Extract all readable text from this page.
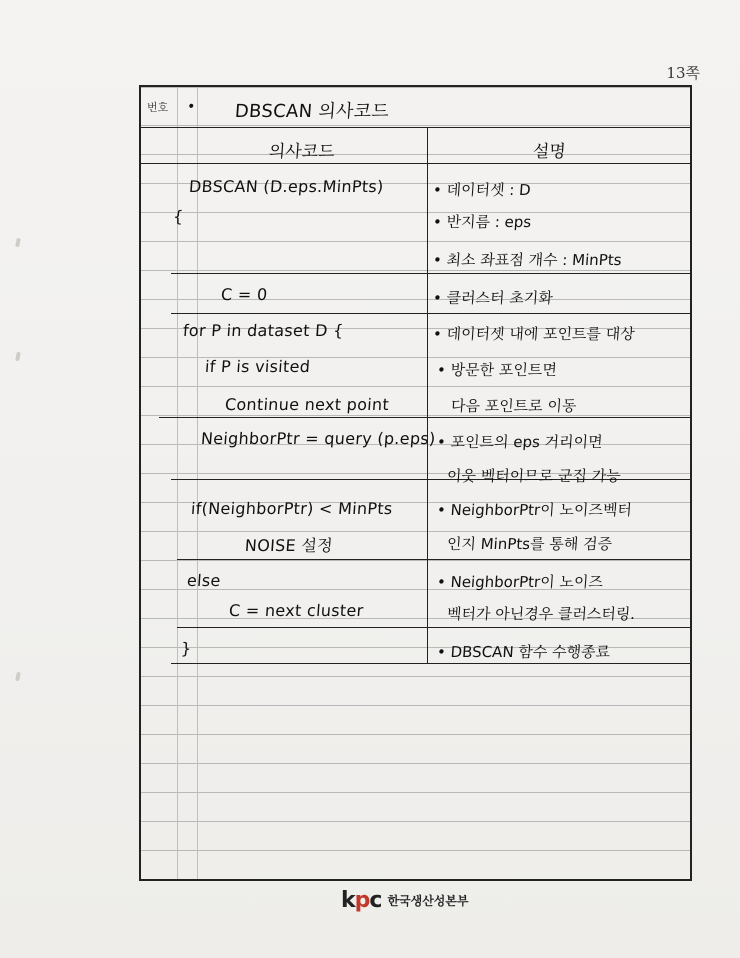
13쪽
번호 • DBSCAN 의사코드
의사코드	설명
DBSCAN (D.eps.MinPts)
{
C = 0
for P in dataset D {
if P is visited
Continue next point
NeighborPtr = query (p.eps)
if(NeighborPtr) < MinPts
NOISE 설정
else
C = next cluster
}
• 데이터셋 : D
• 반지름 : eps
• 최소 좌표점 개수 : MinPts
• 클러스터 초기화
• 데이터셋 내에 포인트를 대상
• 방문한 포인트면
다음 포인트로 이동
• 포인트의 eps 거리이면
이웃 벡터이므로 군집 가능
• NeighborPtr이 노이즈벡터
인지 MinPts를 통해 검증
• NeighborPtr이 노이즈
벡터가 아닌경우 클러스터링.
• DBSCAN 함수 수행종료
kpc 한국생산성본부
